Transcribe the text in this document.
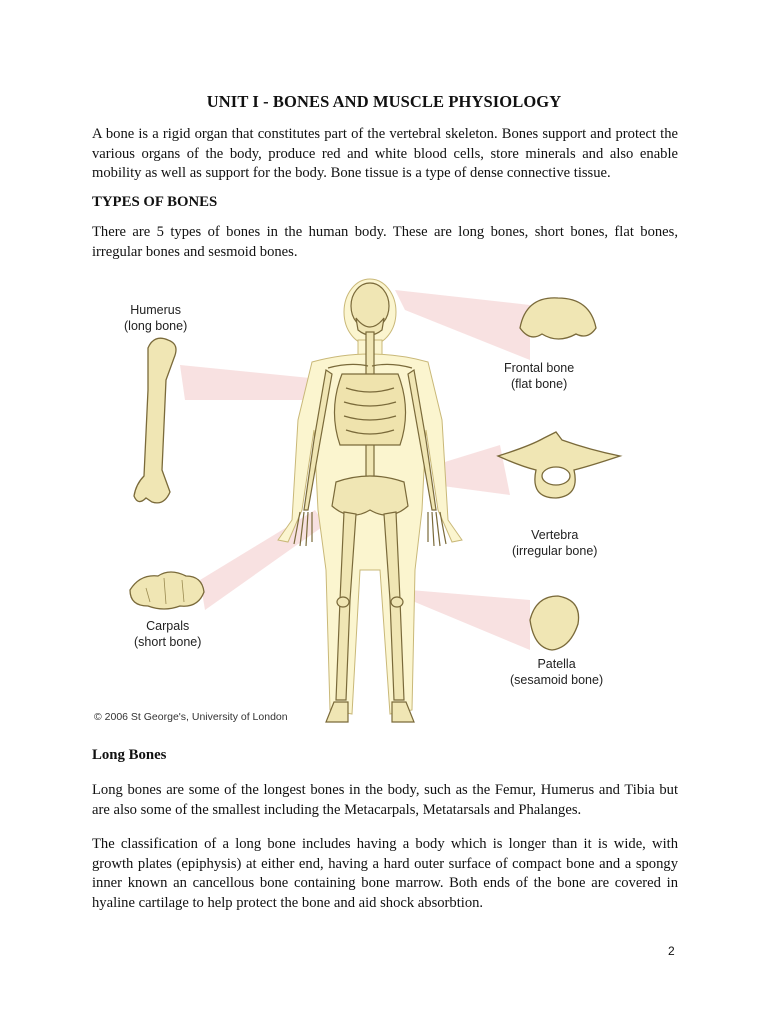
UNIT I - BONES AND MUSCLE PHYSIOLOGY

A bone is a rigid organ that constitutes part of the vertebral skeleton. Bones support and protect the various organs of the body, produce red and white blood cells, store minerals and also enable mobility as well as support for the body. Bone tissue is a type of dense connective tissue.

TYPES OF BONES

There are 5 types of bones in the human body. These are long bones, short bones, flat bones, irregular bones and sesmoid bones.

Humerus
(long bone)
Frontal bone
(flat bone)
Vertebra
(irregular bone)
Carpals
(short bone)
Patella
(sesamoid bone)
© 2006 St George's, University of London
Long Bones

Long bones are some of the longest bones in the body, such as the Femur, Humerus and Tibia but are also some of the smallest including the Metacarpals, Metatarsals and Phalanges.

The classification of a long bone includes having a body which is longer than it is wide, with growth plates (epiphysis) at either end, having a hard outer surface of compact bone and a spongy inner known an cancellous bone containing bone marrow. Both ends of the bone are covered in hyaline cartilage to help protect the bone and aid shock absorbtion.

2
